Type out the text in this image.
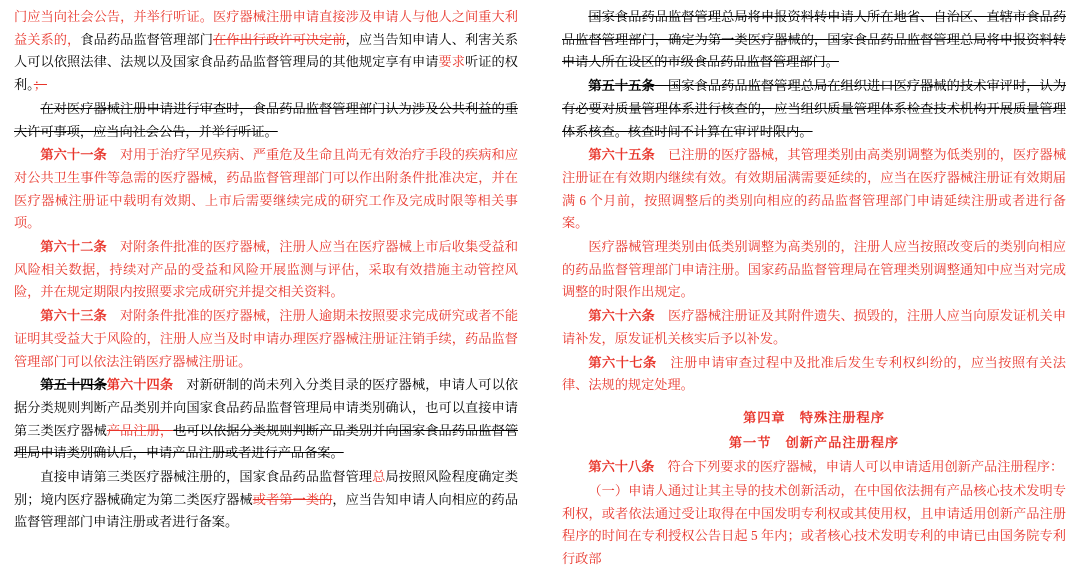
门应当向社会公告，并举行听证。医疗器械注册申请直接涉及申请人与他人之间重大利益关系的，食品药品监督管理部门在作出行政许可决定前，应当告知申请人、利害关系人可以依照法律、法规以及国家食品药品监督管理局的其他规定享有申请要求听证的权利。；

在对医疗器械注册申请进行审查时，食品药品监督管理部门认为涉及公共利益的重大许可事项，应当向社会公告，并举行听证。

第六十一条　对用于治疗罕见疾病、严重危及生命且尚无有效治疗手段的疾病和应对公共卫生事件等急需的医疗器械，药品监督管理部门可以作出附条件批准决定，并在医疗器械注册证中载明有效期、上市后需要继续完成的研究工作及完成时限等相关事项。

第六十二条　对附条件批准的医疗器械，注册人应当在医疗器械上市后收集受益和风险相关数据，持续对产品的受益和风险开展监测与评估，采取有效措施主动管控风险，并在规定期限内按照要求完成研究并提交相关资料。

第六十三条　对附条件批准的医疗器械，注册人逾期未按照要求完成研究或者不能证明其受益大于风险的，注册人应当及时申请办理医疗器械注册证注销手续，药品监督管理部门可以依法注销医疗器械注册证。

第五十四条第六十四条　对新研制的尚未列入分类目录的医疗器械，申请人可以依据分类规则判断产品类别并向国家食品药品监督管理局申请类别确认，也可以直接申请第三类医疗器械产品注册，也可以依据分类规则判断产品类别并向国家食品药品监督管理局申请类别确认后，申请产品注册或者进行产品备案。

直接申请第三类医疗器械注册的，国家食品药品监督管理总局按照风险程度确定类别；境内医疗器械确定为第二类医疗器械或者第一类的，应当告知申请人向相应的药品监督管理部门申请注册或者进行备案。

国家食品药品监督管理总局将申报资料转申请人所在地省、自治区、直辖市食品药品监督管理部门，确定为第一类医疗器械的，国家食品药品监督管理总局将申报资料转申请人所在设区的市级食品药品监督管理部门。

第五十五条　国家食品药品监督管理总局在组织进口医疗器械的技术审评时，认为有必要对质量管理体系进行核查的，应当组织质量管理体系检查技术机构开展质量管理体系核查。核查时间不计算在审评时限内。

第六十五条　已注册的医疗器械，其管理类别由高类别调整为低类别的，医疗器械注册证在有效期内继续有效。有效期届满需要延续的，应当在医疗器械注册证有效期届满 6 个月前，按照调整后的类别向相应的药品监督管理部门申请延续注册或者进行备案。

医疗器械管理类别由低类别调整为高类别的，注册人应当按照改变后的类别向相应的药品监督管理部门申请注册。国家药品监督管理局在管理类别调整通知中应当对完成调整的时限作出规定。

第六十六条　医疗器械注册证及其附件遗失、损毁的，注册人应当向原发证机关申请补发，原发证机关核实后予以补发。

第六十七条　注册申请审查过程中及批准后发生专利权纠纷的，应当按照有关法律、法规的规定处理。

第四章　特殊注册程序

第一节　创新产品注册程序

第六十八条　符合下列要求的医疗器械，申请人可以申请适用创新产品注册程序：

（一）申请人通过让其主导的技术创新活动，在中国依法拥有产品核心技术发明专利权，或者依法通过受让取得在中国发明专利权或其使用权，且申请适用创新产品注册程序的时间在专利授权公告日起 5 年内；或者核心技术发明专利的申请已由国务院专利行政部
